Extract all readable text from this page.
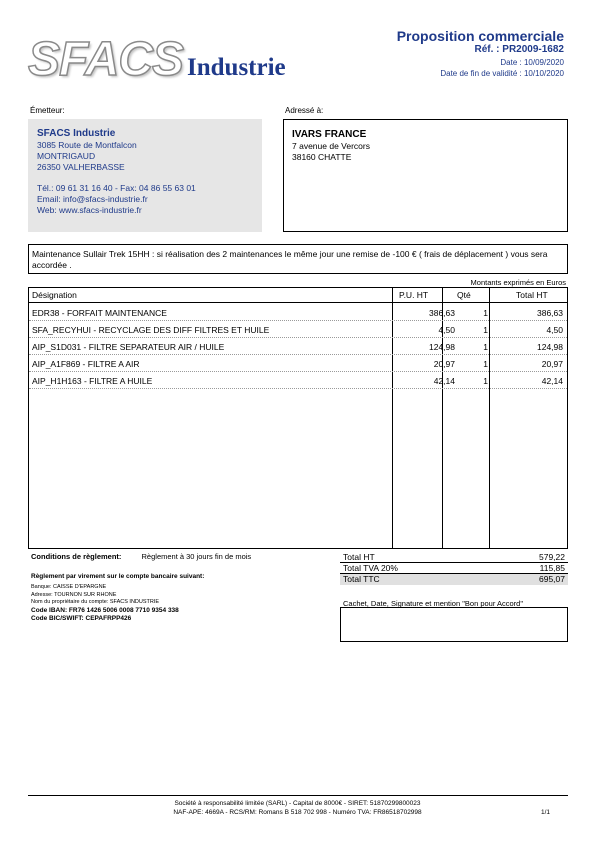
SFACS Industrie
Proposition commerciale
Réf. : PR2009-1682
Date : 10/09/2020
Date de fin de validité : 10/10/2020
Émetteur:
SFACS Industrie
3085 Route de Montfalcon
MONTRIGAUD
26350 VALHERBASSE
Tél.: 09 61 31 16 40 - Fax: 04 86 55 63 01
Email: info@sfacs-industrie.fr
Web: www.sfacs-industrie.fr
Adressé à:
IVARS FRANCE
7 avenue de Vercors
38160 CHATTE
Maintenance Sullair Trek 15HH : si réalisation des 2 maintenances le même jour une remise de -100 € ( frais de déplacement ) vous sera accordée .
Montants exprimés en Euros
Désignation	P.U. HT	Qté	Total HT
EDR38 - FORFAIT MAINTENANCE	386,63	1	386,63
SFA_RECYHUI - RECYCLAGE DES DIFF FILTRES ET HUILE	4,50	1	4,50
AIP_S1D031 - FILTRE SEPARATEUR AIR / HUILE	124,98	1	124,98
AIP_A1F869 - FILTRE A AIR	20,97	1	20,97
AIP_H1H163 - FILTRE A HUILE	42,14	1	42,14
Conditions de règlement:	Règlement à 30 jours fin de mois
Règlement par virement sur le compte bancaire suivant:
Banque: CAISSE D'EPARGNE
Adresse: TOURNON SUR RHONE
Nom du propriétaire du compte: SFACS INDUSTRIE
Code IBAN: FR76 1426 5006 0008 7710 9354 338
Code BIC/SWIFT: CEPAFRPP426
Total HT	579,22
Total TVA 20%	115,85
Total TTC	695,07
Cachet, Date, Signature et mention "Bon pour Accord"
Société à responsabilité limitée (SARL) - Capital de 8000€ - SIRET: 51870299800023
NAF-APE: 4669A - RCS/RM: Romans B 518 702 998 - Numéro TVA: FR86518702998	1/1
